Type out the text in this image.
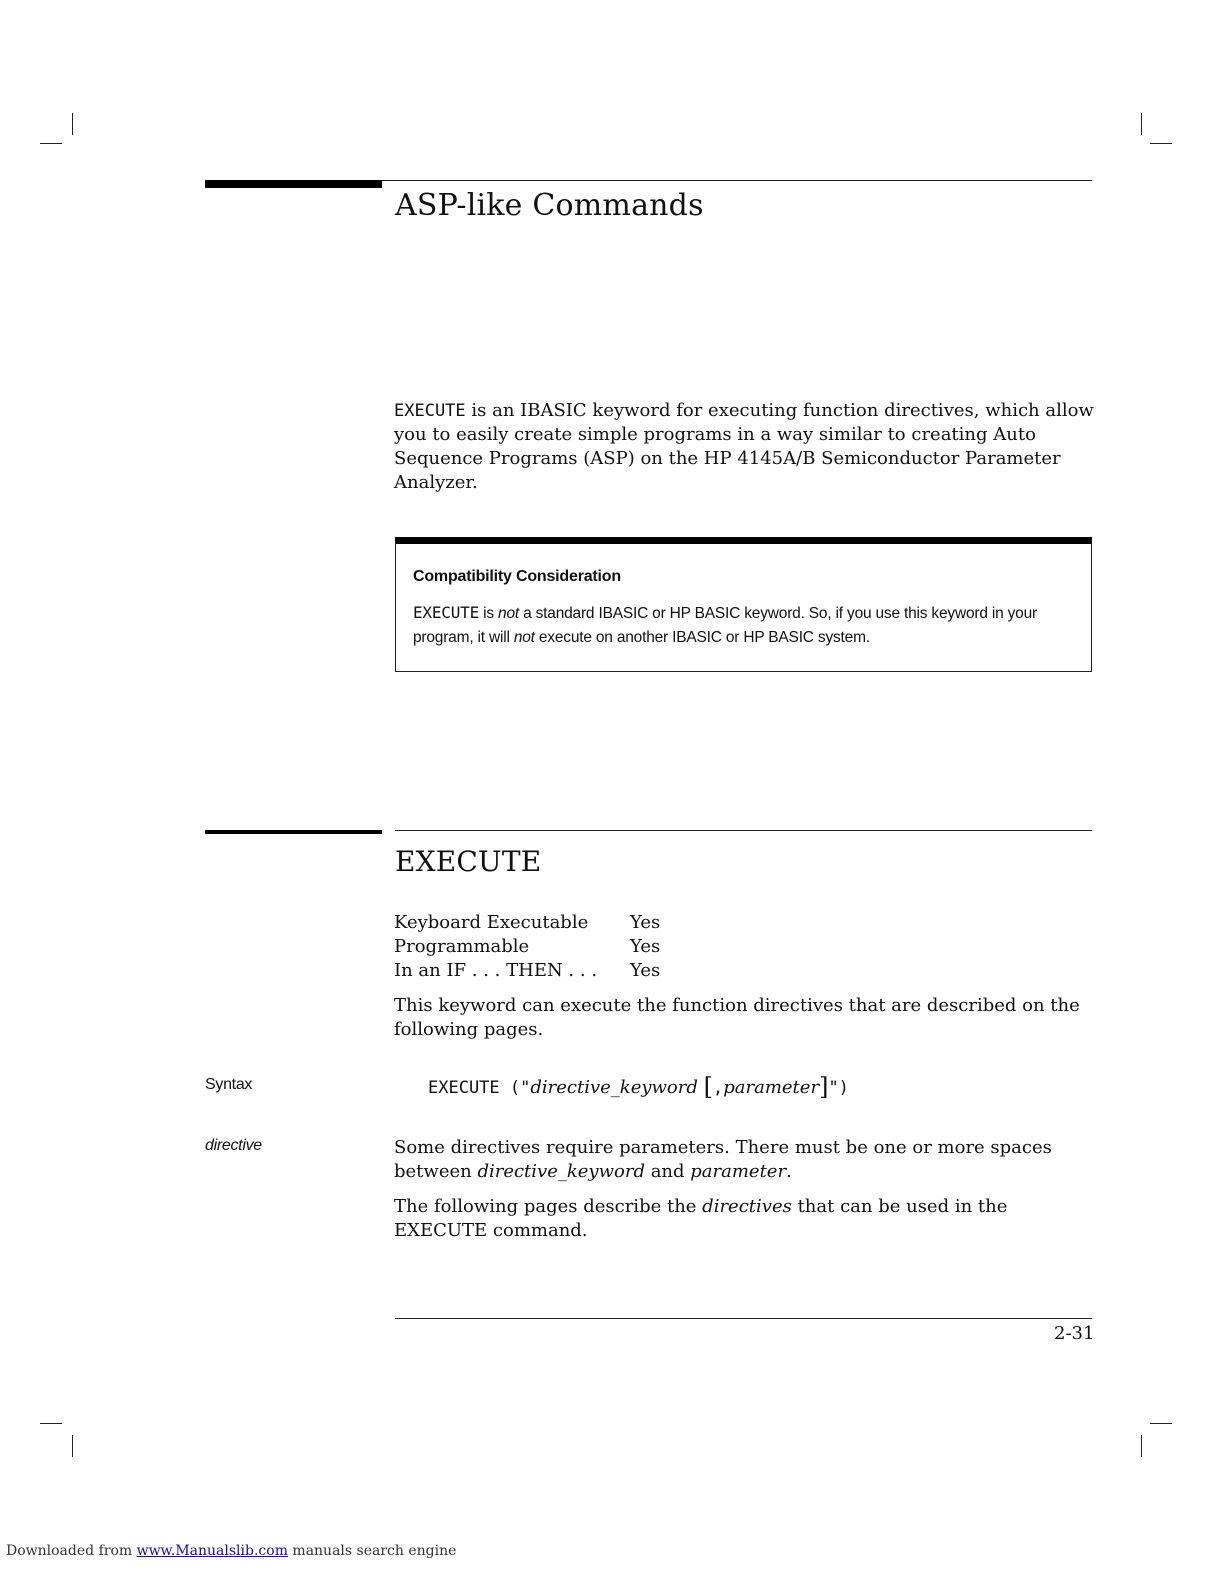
ASP-like Commands
EXECUTE is an IBASIC keyword for executing function directives, which allow you to easily create simple programs in a way similar to creating Auto Sequence Programs (ASP) on the HP 4145A/B Semiconductor Parameter Analyzer.
Compatibility Consideration
EXECUTE is not a standard IBASIC or HP BASIC keyword. So, if you use this keyword in your program, it will not execute on another IBASIC or HP BASIC system.
EXECUTE
Keyboard Executable Yes
Programmable	Yes
In an IF . . . THEN . . . Yes
This keyword can execute the function directives that are described on the following pages.
Syntax	EXECUTE ("directive_keyword [,parameter]")
directive	Some directives require parameters. There must be one or more spaces between directive_keyword and parameter.
The following pages describe the directives that can be used in the EXECUTE command.
2-31
Downloaded from www.Manualslib.com manuals search engine
